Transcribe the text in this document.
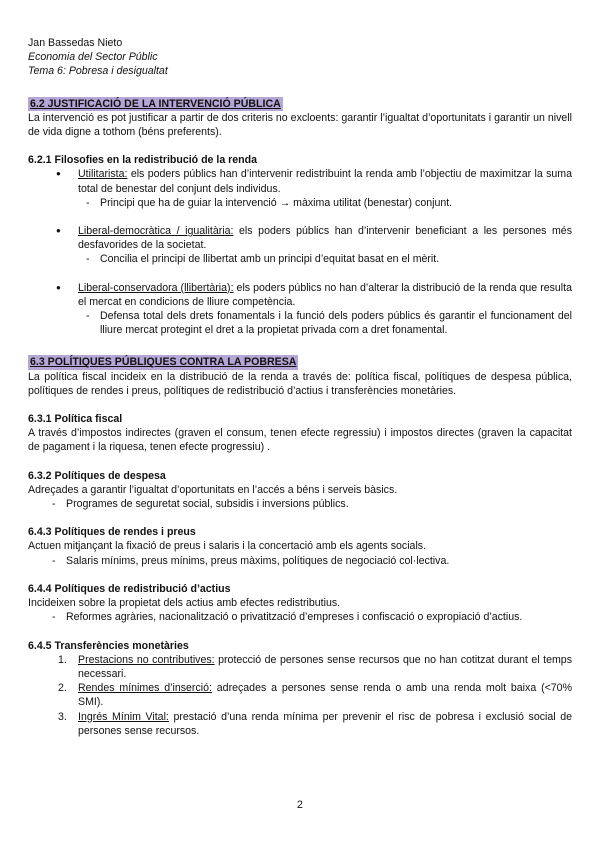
Jan Bassedas Nieto

Economia del Sector Públic

Tema 6: Pobresa i desigualtat

6.2 JUSTIFICACIÓ DE LA INTERVENCIÓ PÚBLICA

La intervenció es pot justificar a partir de dos criteris no excloents: garantir l’igualtat d’oportunitats i garantir un nivell de vida digne a tothom (béns preferents).

6.2.1 Filosofies en la redistribució de la renda

● Utilitarista: els poders públics han d’intervenir redistribuint la renda amb l’objectiu de maximitzar la suma total de benestar del conjunt dels individus.
- Principi que ha de guiar la intervenció → màxima utilitat (benestar) conjunt.
● Liberal-democràtica / igualitària: els poders públics han d’intervenir beneficiant a les persones més desfavorides de la societat.
- Concilia el principi de llibertat amb un principi d’equitat basat en el mèrit.
● Liberal-conservadora (llibertària): els poders públics no han d’alterar la distribució de la renda que resulta el mercat en condicions de lliure competència.
- Defensa total dels drets fonamentals i la funció dels poders públics és garantir el funcionament del lliure mercat protegint el dret a la propietat privada com a dret fonamental.
6.3 POLÍTIQUES PÚBLIQUES CONTRA LA POBRESA

La política fiscal incideix en la distribució de la renda a través de: política fiscal, polítiques de despesa pública, polítiques de rendes i preus, polítiques de redistribució d’actius i transferències monetàries.

6.3.1 Política fiscal

A través d’impostos indirectes (graven el consum, tenen efecte regressiu) i impostos directes (graven la capacitat de pagament i la riquesa, tenen efecte progressiu) .

6.3.2 Polítiques de despesa

Adreçades a garantir l’igualtat d’oportunitats en l’accés a béns i serveis bàsics.

- Programes de seguretat social, subsidis i inversions públics.

6.4.3 Polítiques de rendes i preus

Actuen mitjançant la fixació de preus i salaris i la concertació amb els agents socials.

- Salaris mínims, preus mínims, preus màxims, polítiques de negociació col·lectiva.

6.4.4 Polítiques de redistribució d’actius

Incideixen sobre la propietat dels actius amb efectes redistributius.

- Reformes agràries, nacionalització o privatització d’empreses i confiscació o expropiació d’actius.

6.4.5 Transferències monetàries

1. Prestacions no contributives: protecció de persones sense recursos que no han cotitzat durant el temps necessari.
2. Rendes mínimes d’inserció: adreçades a persones sense renda o amb una renda molt baixa (<70% SMI).
3. Ingrés Mínim Vital: prestació d’una renda mínima per prevenir el risc de pobresa i exclusió social de persones sense recursos.
2
